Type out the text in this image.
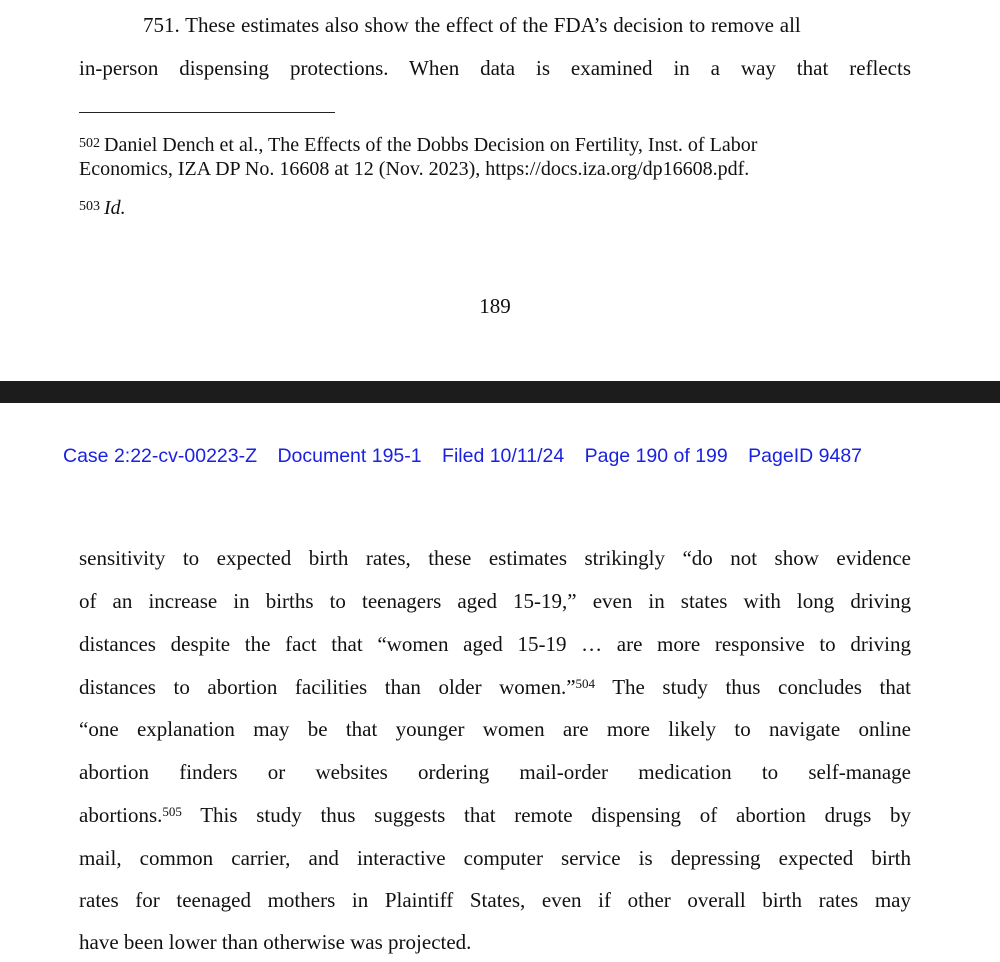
751. These estimates also show the effect of the FDA’s decision to remove all
in-person dispensing protections. When data is examined in a way that reflects
$^{502}$ Daniel Dench et al., The Effects of the Dobbs Decision on Fertility, Inst. of Labor
Economics, IZA DP No. 16608 at 12 (Nov. 2023), https://docs.iza.org/dp16608.pdf.
$^{503}$ Id.
189
Case 2:22-cv-00223-Z Document 195-1 Filed 10/11/24 Page 190 of 199 PageID 9487
sensitivity to expected birth rates, these estimates strikingly “do not show evidence
of an increase in births to teenagers aged 15-19,” even in states with long driving
distances despite the fact that “women aged 15-19 … are more responsive to driving
distances to abortion facilities than older women.”$^{504}$ The study thus concludes that
“one explanation may be that younger women are more likely to navigate online
abortion finders or websites ordering mail-order medication to self-manage
abortions.$^{505}$ This study thus suggests that remote dispensing of abortion drugs by
mail, common carrier, and interactive computer service is depressing expected birth
rates for teenaged mothers in Plaintiff States, even if other overall birth rates may
have been lower than otherwise was projected.
